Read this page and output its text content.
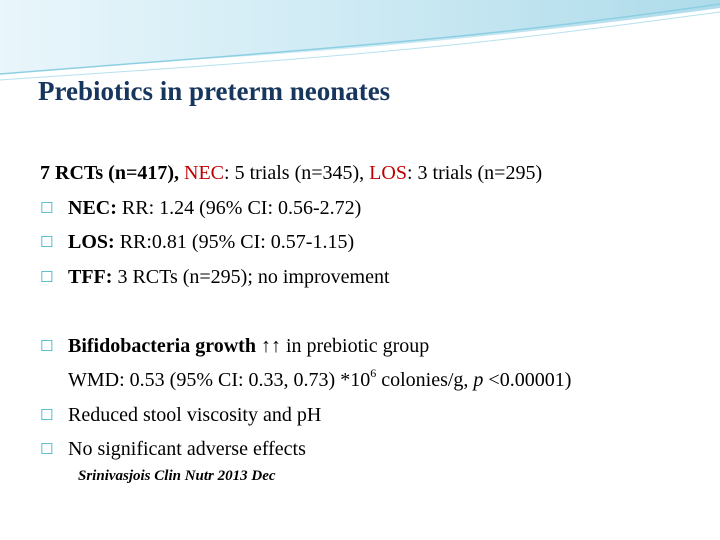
Prebiotics in preterm neonates
7 RCTs (n=417), NEC: 5 trials (n=345), LOS: 3 trials (n=295)
☐ NEC: RR: 1.24 (96% CI: 0.56-2.72)
☐ LOS: RR:0.81 (95% CI: 0.57-1.15)
☐ TFF: 3 RCTs (n=295); no improvement
☐ Bifidobacteria growth ↑↑ in prebiotic group
WMD: 0.53 (95% CI: 0.33, 0.73) $*10^6$ colonies/g, p <0.00001)
☐ Reduced stool viscosity and pH
☐ No significant adverse effects
Srinivasjois Clin Nutr 2013 Dec
